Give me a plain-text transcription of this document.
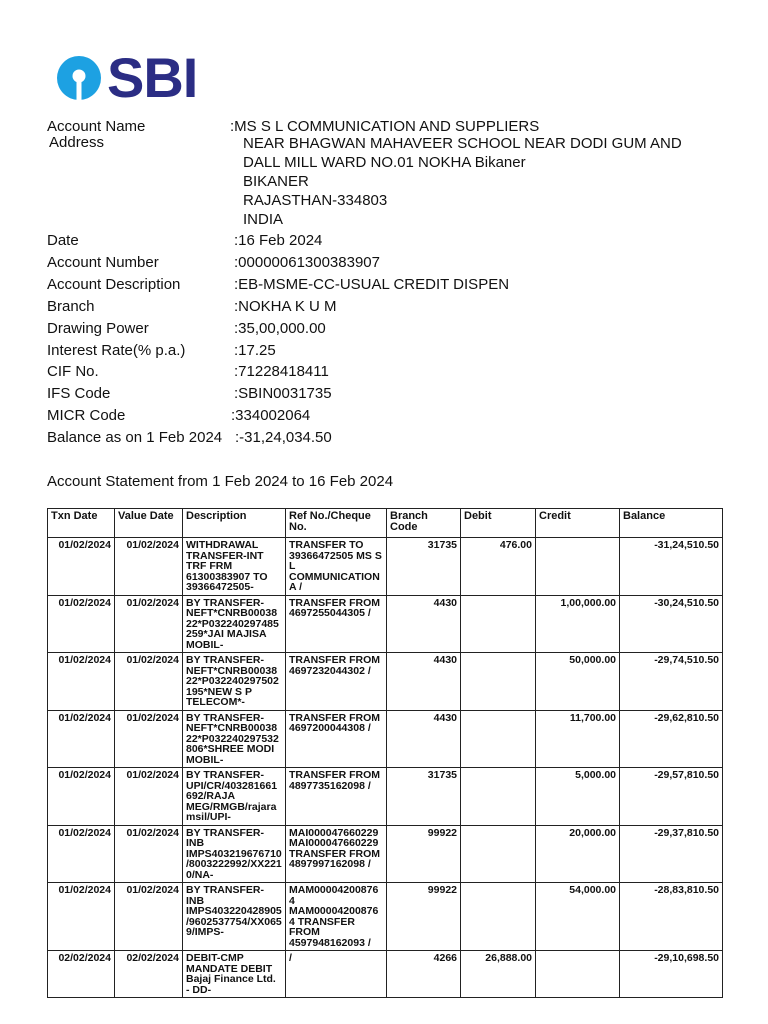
SBI
Account Name	:MS S L COMMUNICATION AND SUPPLIERS
Address	NEAR BHAGWAN MAHAVEER SCHOOL NEAR DODI GUM AND
DALL MILL WARD NO.01 NOKHA Bikaner
BIKANER
RAJASTHAN-334803
INDIA
Date	:16 Feb 2024
Account Number	:00000061300383907
Account Description	:EB-MSME-CC-USUAL CREDIT DISPEN
Branch	:NOKHA K U M
Drawing Power	:35,00,000.00
Interest Rate(% p.a.)	:17.25
CIF No.	:71228418411
IFS Code	:SBIN0031735
MICR Code	:334002064
Balance as on 1 Feb 2024 :-31,24,034.50
Account Statement from 1 Feb 2024 to 16 Feb 2024
Txn Date	Value Date	Description	Ref No./Cheque No.	Branch Code	Debit	Credit	Balance
01/02/2024	01/02/2024	WITHDRAWAL TRANSFER-INT TRF FRM 61300383907 TO 39366472505-	TRANSFER TO 39366472505 MS S L COMMUNICATION A /	31735	476.00		-31,24,510.50
01/02/2024	01/02/2024	BY TRANSFER-NEFT*CNRB0003822*P032240297485259*JAI MAJISA MOBIL-	TRANSFER FROM 4697255044305 /	4430		1,00,000.00	-30,24,510.50
01/02/2024	01/02/2024	BY TRANSFER-NEFT*CNRB0003822*P032240297502195*NEW S P TELECOM*-	TRANSFER FROM 4697232044302 /	4430		50,000.00	-29,74,510.50
01/02/2024	01/02/2024	BY TRANSFER-NEFT*CNRB0003822*P032240297532806*SHREE MODI MOBIL-	TRANSFER FROM 4697200044308 /	4430		11,700.00	-29,62,810.50
01/02/2024	01/02/2024	BY TRANSFER-UPI/CR/403281661692/RAJA MEG/RMGB/rajaramsil/UPI-	TRANSFER FROM 4897735162098 /	31735		5,000.00	-29,57,810.50
01/02/2024	01/02/2024	BY TRANSFER-INB IMPS403219676710/8003222992/XX2210/NA-	MAI000047660229 MAI000047660229 TRANSFER FROM 4897997162098 /	99922		20,000.00	-29,37,810.50
01/02/2024	01/02/2024	BY TRANSFER-INB IMPS403220428905/9602537754/XX0659/IMPS-	MAM000042008764 MAM000042008764 TRANSFER FROM 4597948162093 /	99922		54,000.00	-28,83,810.50
02/02/2024	02/02/2024	DEBIT-CMP MANDATE DEBIT Bajaj Finance Ltd. - DD-	/	4266	26,888.00		-29,10,698.50
